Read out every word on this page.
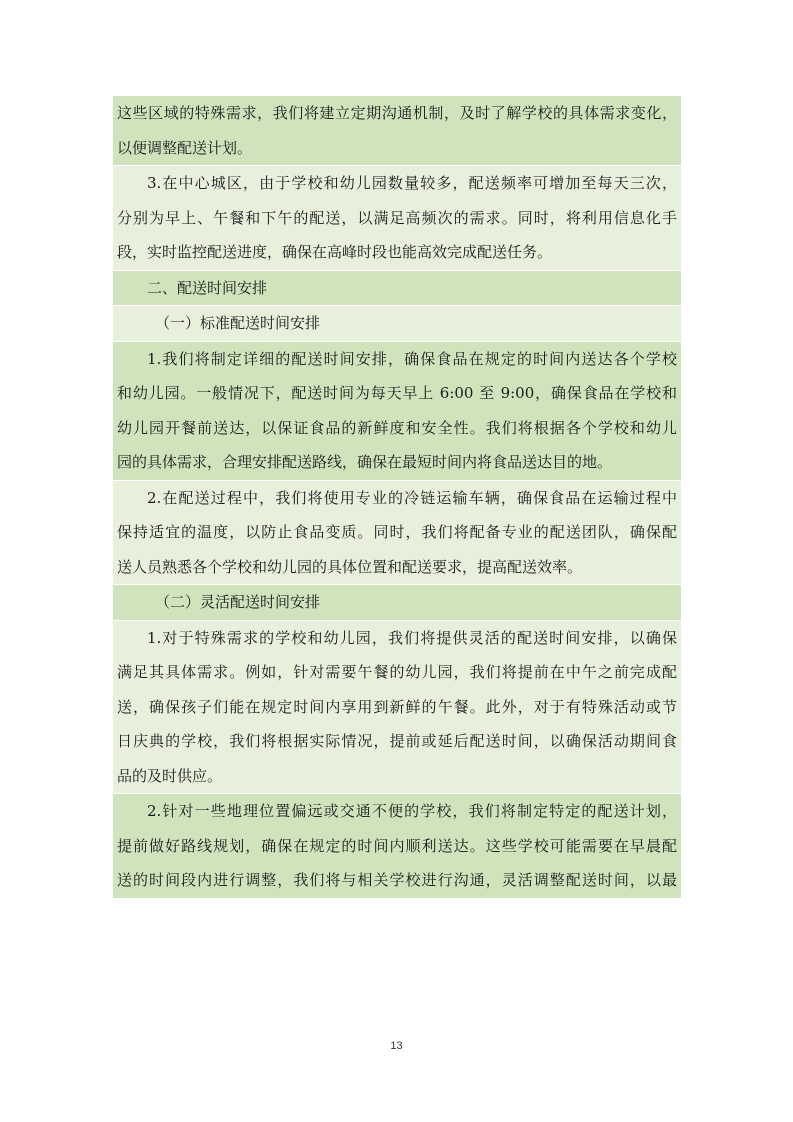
这些区域的特殊需求，我们将建立定期沟通机制，及时了解学校的具体需求变化，
以便调整配送计划。
3.在中心城区，由于学校和幼儿园数量较多，配送频率可增加至每天三次，
分别为早上、午餐和下午的配送，以满足高频次的需求。同时，将利用信息化手
段，实时监控配送进度，确保在高峰时段也能高效完成配送任务。
二、配送时间安排
（一）标准配送时间安排
1.我们将制定详细的配送时间安排，确保食品在规定的时间内送达各个学校
和幼儿园。一般情况下，配送时间为每天早上 6:00 至 9:00，确保食品在学校和
幼儿园开餐前送达，以保证食品的新鲜度和安全性。我们将根据各个学校和幼儿
园的具体需求，合理安排配送路线，确保在最短时间内将食品送达目的地。
2.在配送过程中，我们将使用专业的冷链运输车辆，确保食品在运输过程中
保持适宜的温度，以防止食品变质。同时，我们将配备专业的配送团队，确保配
送人员熟悉各个学校和幼儿园的具体位置和配送要求，提高配送效率。
（二）灵活配送时间安排
1.对于特殊需求的学校和幼儿园，我们将提供灵活的配送时间安排，以确保
满足其具体需求。例如，针对需要午餐的幼儿园，我们将提前在中午之前完成配
送，确保孩子们能在规定时间内享用到新鲜的午餐。此外，对于有特殊活动或节
日庆典的学校，我们将根据实际情况，提前或延后配送时间，以确保活动期间食
品的及时供应。
2.针对一些地理位置偏远或交通不便的学校，我们将制定特定的配送计划，
提前做好路线规划，确保在规定的时间内顺利送达。这些学校可能需要在早晨配
送的时间段内进行调整，我们将与相关学校进行沟通，灵活调整配送时间，以最
13
